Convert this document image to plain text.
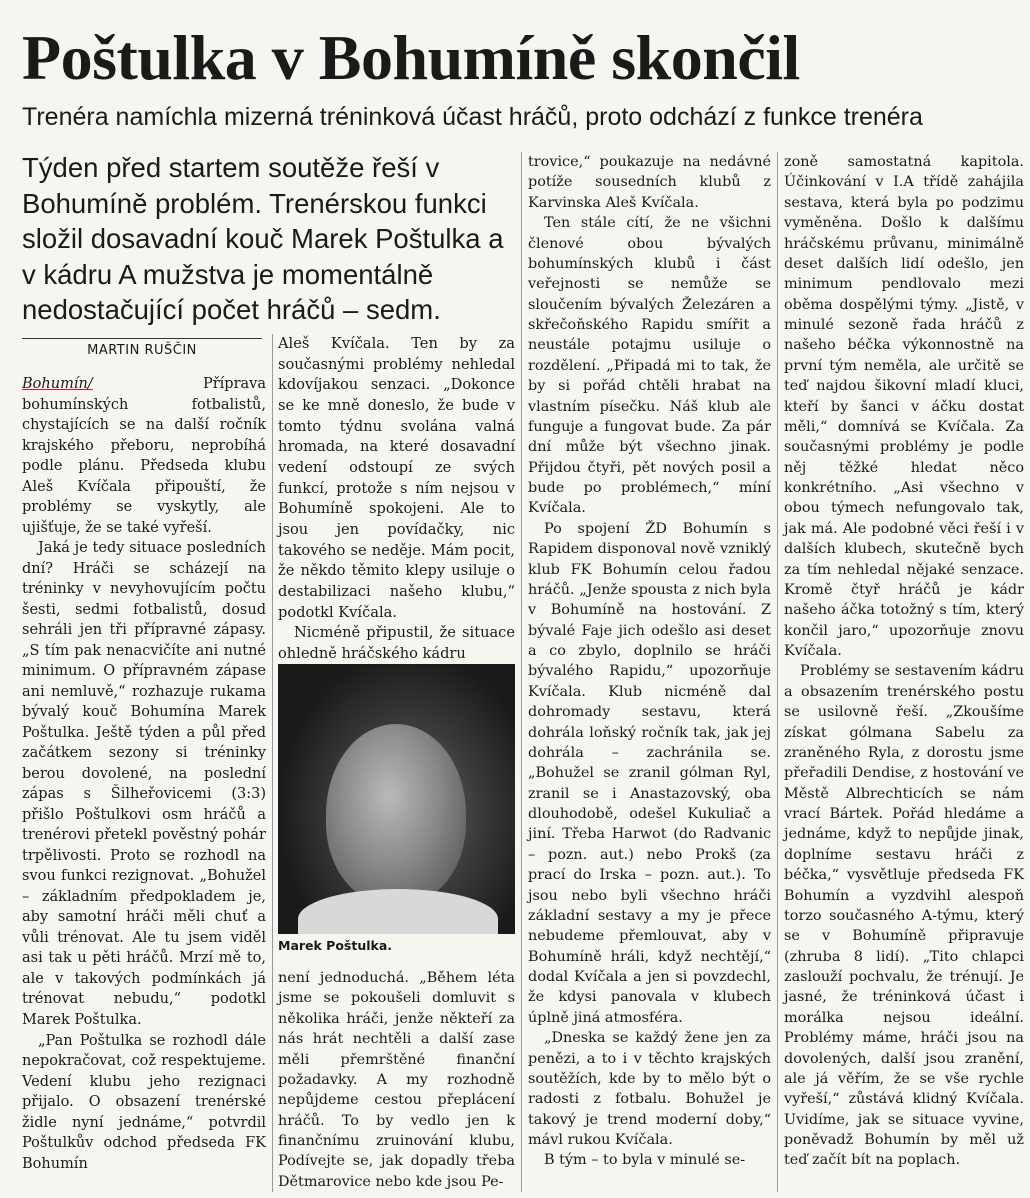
Poštulka v Bohumíně skončil
Trenéra namíchla mizerná tréninková účast hráčů, proto odchází z funkce trenéra
Týden před startem soutěže řeší v Bohumíně problém. Trenérskou funkci složil dosavadní kouč Marek Poštulka a v kádru A mužstva je momentálně nedostačující počet hráčů – sedm.
MARTIN RUŠČIN

Bohumín/ Příprava bohumínských fotbalistů, chystajících se na další ročník krajského přeboru, neprobíhá podle plánu. Předseda klubu Aleš Kvíčala připouští, že problémy se vyskytly, ale ujišťuje, že se také vyřeší.

Jaká je tedy situace posledních dní? Hráči se scházejí na tréninky v nevyhovujícím počtu šesti, sedmi fotbalistů, dosud sehráli jen tři přípravné zápasy. „S tím pak nenacvičíte ani nutné minimum. O přípravném zápase ani nemluvě,“ rozhazuje rukama bývalý kouč Bohumína Marek Poštulka. Ještě týden a půl před začátkem sezony si tréninky berou dovolené, na poslední zápas s Šilheřovicemi (3:3) přišlo Poštulkovi osm hráčů a trenérovi přetekl pověstný pohár trpělivosti. Proto se rozhodl na svou funkci rezignovat. „Bohužel – základním předpokladem je, aby samotní hráči měli chuť a vůli trénovat. Ale tu jsem viděl asi tak u pěti hráčů. Mrzí mě to, ale v takových podmínkách já trénovat nebudu,“ podotkl Marek Poštulka.

„Pan Poštulka se rozhodl dále nepokračovat, což respektujeme. Vedení klubu jeho rezignaci přijalo. O obsazení trenérské židle nyní jednáme,“ potvrdil Poštulkův odchod předseda FK Bohumín

Aleš Kvíčala. Ten by za současnými problémy nehledal kdovíjakou senzaci. „Dokonce se ke mně doneslo, že bude v tomto týdnu svolána valná hromada, na které dosavadní vedení odstoupí ze svých funkcí, protože s ním nejsou v Bohumíně spokojeni. Ale to jsou jen povídačky, nic takového se neděje. Mám pocit, že někdo těmito klepy usiluje o destabilizaci našeho klubu,“ podotkl Kvíčala.

Nicméně připustil, že situace ohledně hráčského kádru

Marek Poštulka.

není jednoduchá. „Během léta jsme se pokoušeli domluvit s několika hráči, jenže někteří za nás hrát nechtěli a další zase měli přemrštěné finanční požadavky. A my rozhodně nepůjdeme cestou přeplácení hráčů. To by vedlo jen k finančnímu zruinování klubu, Podívejte se, jak dopadly třeba Dětmarovice nebo kde jsou Pe-

trovice,“ poukazuje na nedávné potíže sousedních klubů z Karvinska Aleš Kvíčala.

Ten stále cítí, že ne všichni členové obou bývalých bohumínských klubů i část veřejnosti se nemůže se sloučením bývalých Železáren a skřečoňského Rapidu smířit a neustále potajmu usiluje o rozdělení. „Připadá mi to tak, že by si pořád chtěli hrabat na vlastním písečku. Náš klub ale funguje a fungovat bude. Za pár dní může být všechno jinak. Přijdou čtyři, pět nových posil a bude po problémech,“ míní Kvíčala.

Po spojení ŽD Bohumín s Rapidem disponoval nově vzniklý klub FK Bohumín celou řadou hráčů. „Jenže spousta z nich byla v Bohumíně na hostování. Z bývalé Faje jich odešlo asi deset a co zbylo, doplnilo se hráči bývalého Rapidu,“ upozorňuje Kvíčala. Klub nicméně dal dohromady sestavu, která dohrála loňský ročník tak, jak jej dohrála – zachránila se. „Bohužel se zranil gólman Ryl, zranil se i Anastazovský, oba dlouhodobě, odešel Kukuliač a jiní. Třeba Harwot (do Radvanic – pozn. aut.) nebo Prokš (za prací do Irska – pozn. aut.). To jsou nebo byli všechno hráči základní sestavy a my je přece nebudeme přemlouvat, aby v Bohumíně hráli, když nechtějí,“ dodal Kvíčala a jen si povzdechl, že kdysi panovala v klubech úplně jiná atmosféra.

„Dneska se každý žene jen za penězi, a to i v těchto krajských soutěžích, kde by to mělo být o radosti z fotbalu. Bohužel je takový je trend moderní doby,“ mávl rukou Kvíčala.

B tým – to byla v minulé se-

zoně samostatná kapitola. Účinkování v I.A třídě zahájila sestava, která byla po podzimu vyměněna. Došlo k dalšímu hráčskému průvanu, minimálně deset dalších lidí odešlo, jen minimum pendlovalo mezi oběma dospělými týmy. „Jistě, v minulé sezoně řada hráčů z našeho béčka výkonnostně na první tým neměla, ale určitě se teď najdou šikovní mladí kluci, kteří by šanci v áčku dostat měli,“ domnívá se Kvíčala. Za současnými problémy je podle něj těžké hledat něco konkrétního. „Asi všechno v obou týmech nefungovalo tak, jak má. Ale podobné věci řeší i v dalších klubech, skutečně bych za tím nehledal nějaké senzace. Kromě čtyř hráčů je kádr našeho áčka totožný s tím, který končil jaro,“ upozorňuje znovu Kvíčala.

Problémy se sestavením kádru a obsazením trenérského postu se usilovně řeší. „Zkoušíme získat gólmana Sabelu za zraněného Ryla, z dorostu jsme přeřadili Dendise, z hostování ve Městě Albrechticích se nám vrací Bártek. Pořád hledáme a jednáme, když to nepůjde jinak, doplníme sestavu hráči z béčka,“ vysvětluje předseda FK Bohumín a vyzdvihl alespoň torzo současného A-týmu, který se v Bohumíně připravuje (zhruba 8 lidí). „Tito chlapci zaslouží pochvalu, že trénují. Je jasné, že tréninková účast i morálka nejsou ideální. Problémy máme, hráči jsou na dovolených, další jsou zranění, ale já věřím, že se vše rychle vyřeší,“ zůstává klidný Kvíčala. Uvidíme, jak se situace vyvine, poněvadž Bohumín by měl už teď začít bít na poplach.
